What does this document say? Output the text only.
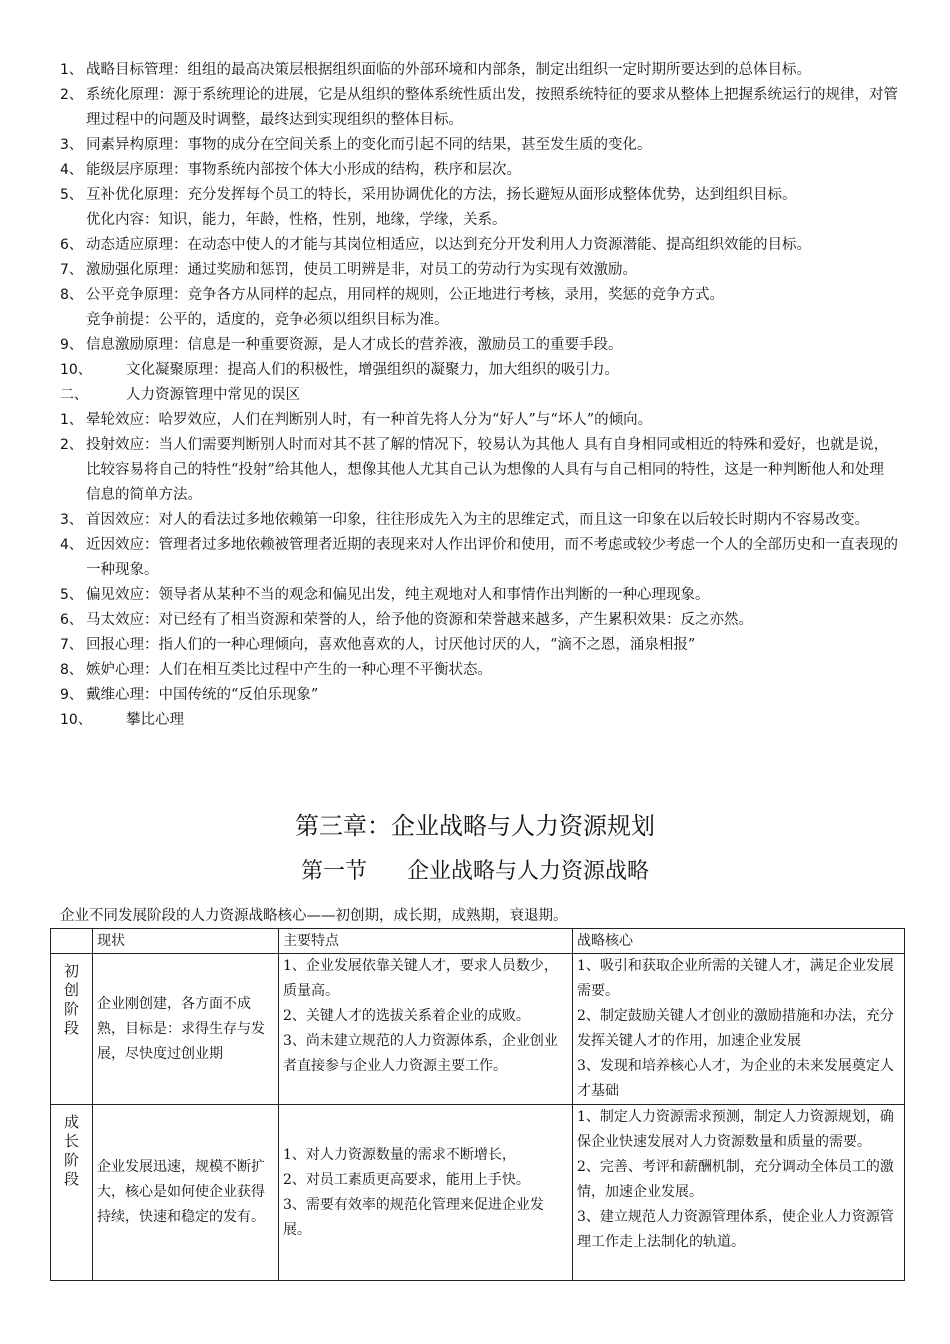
1、 战略目标管理：组组的最高决策层根据组织面临的外部环境和内部条，制定出组织一定时期所要达到的总体目标。
2、 系统化原理：源于系统理论的进展，它是从组织的整体系统性质出发，按照系统特征的要求从整体上把握系统运行的规律，对管理过程中的问题及时调整，最终达到实现组织的整体目标。
3、 同素异构原理：事物的成分在空间关系上的变化而引起不同的结果，甚至发生质的变化。
4、 能级层序原理：事物系统内部按个体大小形成的结构，秩序和层次。
5、 互补优化原理：充分发挥每个员工的特长，采用协调优化的方法，扬长避短从面形成整体优势，达到组织目标。
优化内容：知识，能力，年龄，性格，性别，地缘，学缘，关系。
6、 动态适应原理：在动态中使人的才能与其岗位相适应，以达到充分开发利用人力资源潜能、提高组织效能的目标。
7、 激励强化原理：通过奖励和惩罚，使员工明辨是非，对员工的劳动行为实现有效激励。
8、 公平竞争原理：竞争各方从同样的起点，用同样的规则，公正地进行考核，录用，奖惩的竞争方式。
竞争前提：公平的，适度的，竞争必须以组织目标为准。
9、 信息激励原理：信息是一种重要资源，是人才成长的营养液，激励员工的重要手段。
10、 文化凝聚原理：提高人们的积极性，增强组织的凝聚力，加大组织的吸引力。
二、	人力资源管理中常见的误区
1、 晕轮效应：哈罗效应，人们在判断别人时，有一种首先将人分为“好人”与“坏人”的倾向。
2、 投射效应：当人们需要判断别人时而对其不甚了解的情况下，较易认为其他人 具有自身相同或相近的特殊和爱好，也就是说，比较容易将自己的特性“投射”给其他人，想像其他人尤其自己认为想像的人具有与自己相同的特性，这是一种判断他人和处理信息的简单方法。
3、 首因效应：对人的看法过多地依赖第一印象，往往形成先入为主的思维定式，而且这一印象在以后较长时期内不容易改变。
4、 近因效应：管理者过多地依赖被管理者近期的表现来对人作出评价和使用，而不考虑或较少考虑一个人的全部历史和一直表现的一种现象。
5、 偏见效应：领导者从某种不当的观念和偏见出发，纯主观地对人和事情作出判断的一种心理现象。
6、 马太效应：对已经有了相当资源和荣誉的人，给予他的资源和荣誉越来越多，产生累积效果：反之亦然。
7、 回报心理：指人们的一种心理倾向，喜欢他喜欢的人，讨厌他讨厌的人，“滴不之恩，涌泉相报”
8、 嫉妒心理：人们在相互类比过程中产生的一种心理不平衡状态。
9、 戴维心理：中国传统的“反伯乐现象”
10、 攀比心理
第三章：企业战略与人力资源规划
第一节 企业战略与人力资源战略
企业不同发展阶段的人力资源战略核心——初创期，成长期，成熟期，衰退期。
	现状	主要特点	战略核心

初
创
阶
段	企业刚创建，各方面不成熟，目标是：求得生存与发展，尽快度过创业期	1、企业发展依靠关键人才，要求人员数少，质量高。
2、关键人才的选拔关系着企业的成败。
3、尚未建立规范的人力资源体系，企业创业者直接参与企业人力资源主要工作。	1、吸引和获取企业所需的关键人才，满足企业发展需要。
2、制定鼓励关键人才创业的激励措施和办法，充分发挥关键人才的作用，加速企业发展
3、发现和培养核心人才，为企业的未来发展奠定人才基础

成
长
阶
段	企业发展迅速，规模不断扩大，核心是如何使企业获得持续，快速和稳定的发有。	1、对人力资源数量的需求不断增长，
2、对员工素质更高要求，能用上手快。
3、需要有效率的规范化管理来促进企业发展。	1、制定人力资源需求预测，制定人力资源规划，确保企业快速发展对人力资源数量和质量的需要。
2、完善、考评和薪酬机制，充分调动全体员工的激情，加速企业发展。
3、建立规范人力资源管理体系，使企业人力资源管理工作走上法制化的轨道。
